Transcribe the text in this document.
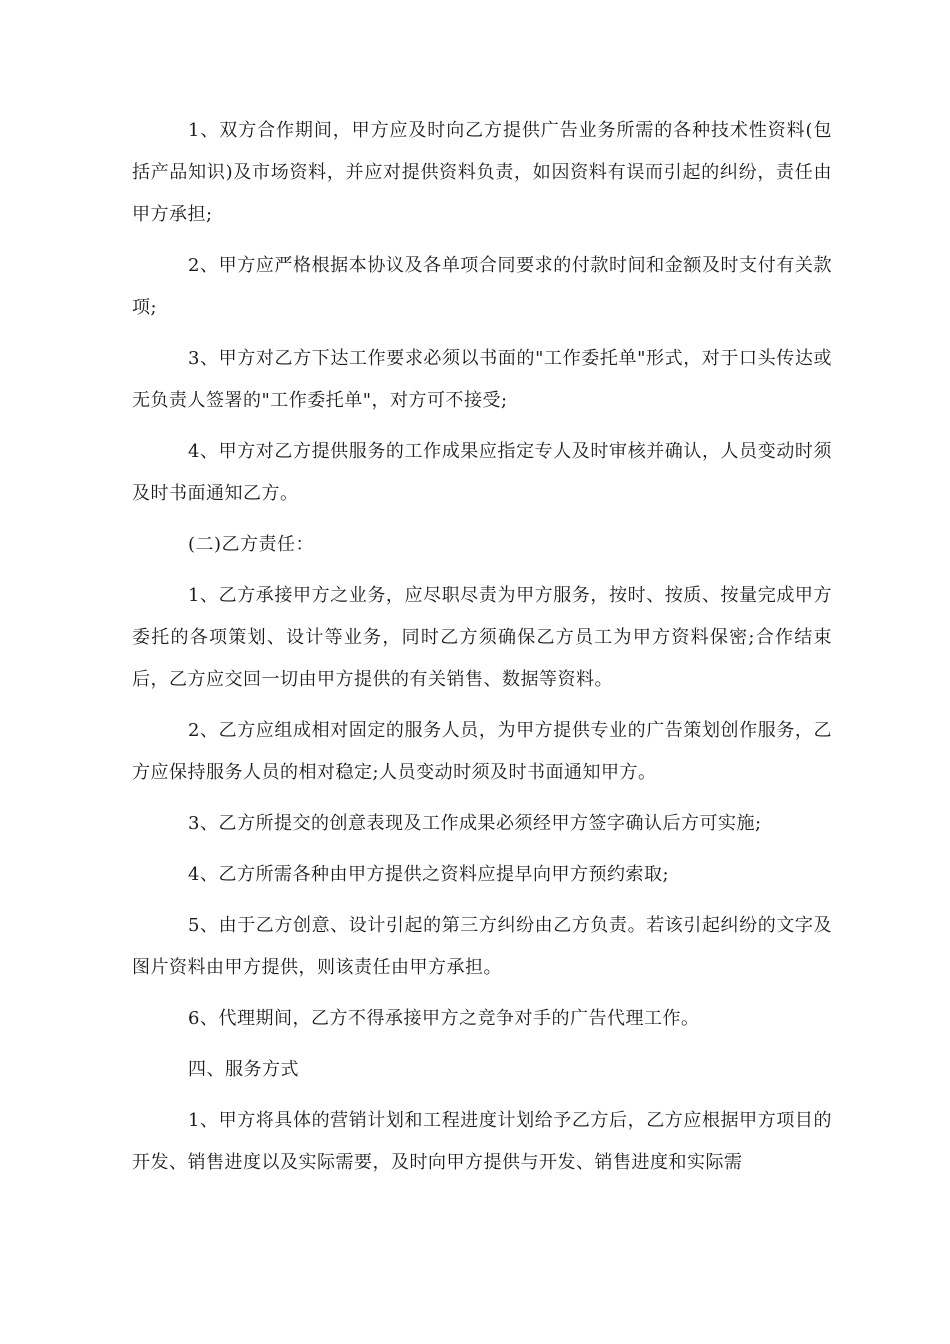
1、双方合作期间，甲方应及时向乙方提供广告业务所需的各种技术性资料(包括产品知识)及市场资料，并应对提供资料负责，如因资料有误而引起的纠纷，责任由甲方承担;

2、甲方应严格根据本协议及各单项合同要求的付款时间和金额及时支付有关款项;

3、甲方对乙方下达工作要求必须以书面的"工作委托单"形式，对于口头传达或无负责人签署的"工作委托单"，对方可不接受;

4、甲方对乙方提供服务的工作成果应指定专人及时审核并确认，人员变动时须及时书面通知乙方。

(二)乙方责任：

1、乙方承接甲方之业务，应尽职尽责为甲方服务，按时、按质、按量完成甲方委托的各项策划、设计等业务，同时乙方须确保乙方员工为甲方资料保密;合作结束后，乙方应交回一切由甲方提供的有关销售、数据等资料。

2、乙方应组成相对固定的服务人员，为甲方提供专业的广告策划创作服务，乙方应保持服务人员的相对稳定;人员变动时须及时书面通知甲方。

3、乙方所提交的创意表现及工作成果必须经甲方签字确认后方可实施;

4、乙方所需各种由甲方提供之资料应提早向甲方预约索取;

5、由于乙方创意、设计引起的第三方纠纷由乙方负责。若该引起纠纷的文字及图片资料由甲方提供，则该责任由甲方承担。

6、代理期间，乙方不得承接甲方之竞争对手的广告代理工作。

四、服务方式

1、甲方将具体的营销计划和工程进度计划给予乙方后，乙方应根据甲方项目的开发、销售进度以及实际需要，及时向甲方提供与开发、销售进度和实际需
